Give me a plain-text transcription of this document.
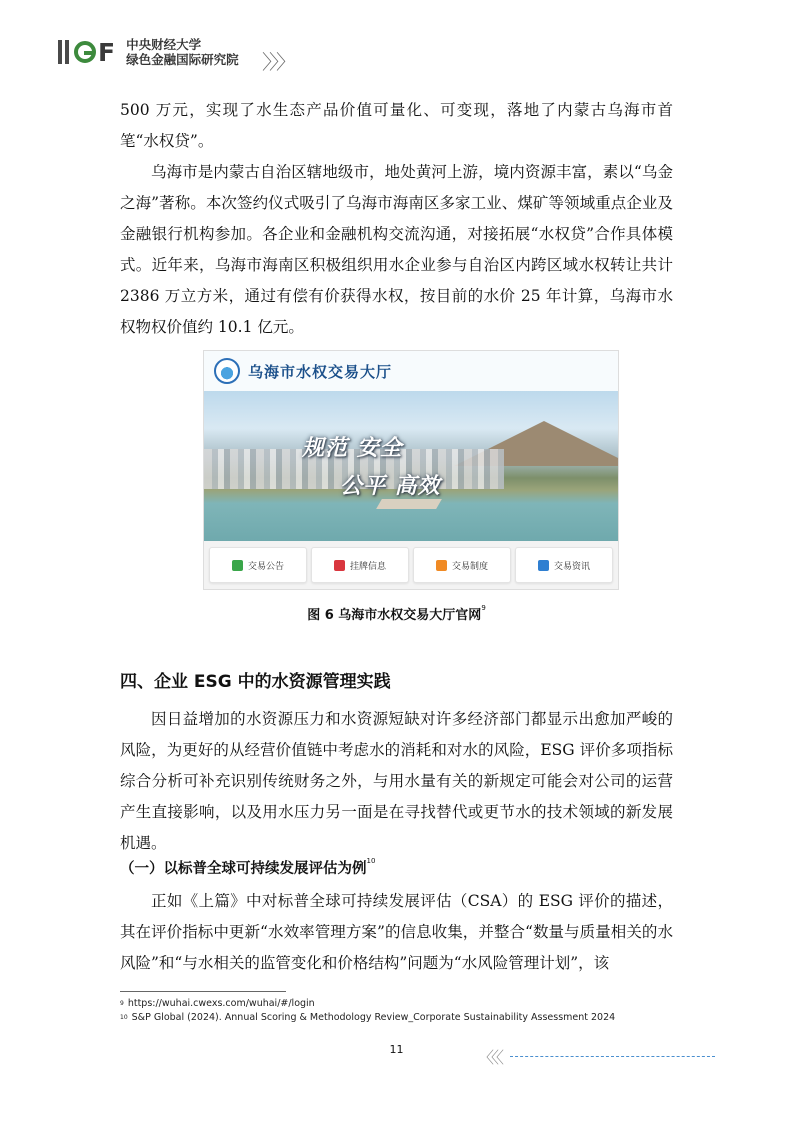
F 中央财经大学
绿色金融国际研究院 〉〉〉
500 万元，实现了水生态产品价值可量化、可变现，落地了内蒙古乌海市首笔“水权贷”。
乌海市是内蒙古自治区辖地级市，地处黄河上游，境内资源丰富，素以“乌金之海”著称。本次签约仪式吸引了乌海市海南区多家工业、煤矿等领域重点企业及金融银行机构参加。各企业和金融机构交流沟通，对接拓展“水权贷”合作具体模式。近年来，乌海市海南区积极组织用水企业参与自治区内跨区域水权转让共计 2386 万立方米，通过有偿有价获得水权，按目前的水价 25 年计算，乌海市水权物权价值约 10.1 亿元。
乌海市水权交易大厅
规范 安全
公平 高效
交易公告	挂牌信息	交易制度	交易资讯
图 6 乌海市水权交易大厅官网$^9$
四、企业 ESG 中的水资源管理实践
因日益增加的水资源压力和水资源短缺对许多经济部门都显示出愈加严峻的风险，为更好的从经营价值链中考虑水的消耗和对水的风险，ESG 评价多项指标综合分析可补充识别传统财务之外，与用水量有关的新规定可能会对公司的运营产生直接影响，以及用水压力另一面是在寻找替代或更节水的技术领域的新发展机遇。
（一）以标普全球可持续发展评估为例$^{10}$
正如《上篇》中对标普全球可持续发展评估（CSA）的 ESG 评价的描述，其在评价指标中更新“水效率管理方案”的信息收集，并整合“数量与质量相关的水风险”和“与水相关的监管变化和价格结构”问题为“水风险管理计划”，该
$^9$ https://wuhai.cwexs.com/wuhai/#/login
$^{10}$ S&P Global (2024). Annual Scoring & Methodology Review_Corporate Sustainability Assessment 2024
11	〈〈〈
